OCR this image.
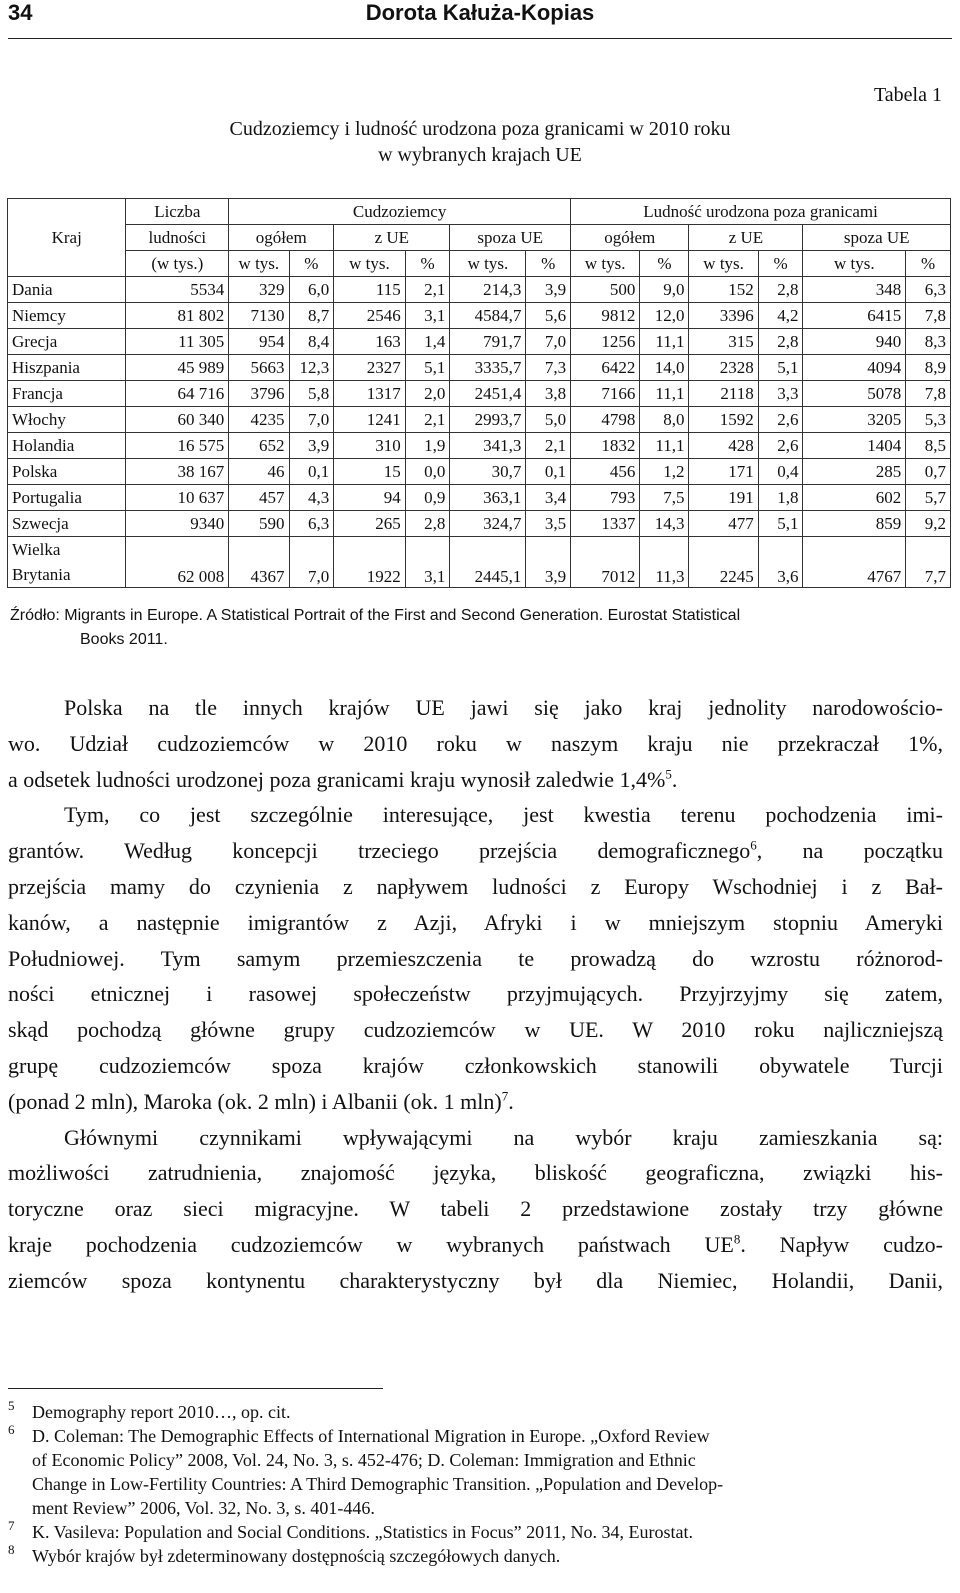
34	Dorota Kałuża-Kopias
Tabela 1
Cudzoziemcy i ludność urodzona poza granicami w 2010 roku
w wybranych krajach UE
Kraj	Liczba	Cudzoziemcy						Ludność urodzona poza granicami					
	ludności	ogółem		z UE		spoza UE		ogółem		z UE		spoza UE	
	(w tys.)	w tys.	%	w tys.	%	w tys.	%	w tys.	%	w tys.	%	w tys.	%
Dania	5534	329	6,0	115	2,1	214,3	3,9	500	9,0	152	2,8	348	6,3
Niemcy	81 802	7130	8,7	2546	3,1	4584,7	5,6	9812	12,0	3396	4,2	6415	7,8
Grecja	11 305	954	8,4	163	1,4	791,7	7,0	1256	11,1	315	2,8	940	8,3
Hiszpania	45 989	5663	12,3	2327	5,1	3335,7	7,3	6422	14,0	2328	5,1	4094	8,9
Francja	64 716	3796	5,8	1317	2,0	2451,4	3,8	7166	11,1	2118	3,3	5078	7,8
Włochy	60 340	4235	7,0	1241	2,1	2993,7	5,0	4798	8,0	1592	2,6	3205	5,3
Holandia	16 575	652	3,9	310	1,9	341,3	2,1	1832	11,1	428	2,6	1404	8,5
Polska	38 167	46	0,1	15	0,0	30,7	0,1	456	1,2	171	0,4	285	0,7
Portugalia	10 637	457	4,3	94	0,9	363,1	3,4	793	7,5	191	1,8	602	5,7
Szwecja	9340	590	6,3	265	2,8	324,7	3,5	1337	14,3	477	5,1	859	9,2
Wielka
Brytania	62 008	4367	7,0	1922	3,1	2445,1	3,9	7012	11,3	2245	3,6	4767	7,7
Źródło: Migrants in Europe. A Statistical Portrait of the First and Second Generation. Eurostat Statistical
Books 2011.
Polska na tle innych krajów UE jawi się jako kraj jednolity narodowościo-
wo. Udział cudzoziemców w 2010 roku w naszym kraju nie przekraczał 1%,
a odsetek ludności urodzonej poza granicami kraju wynosił zaledwie 1,4%$^5$.
Tym, co jest szczególnie interesujące, jest kwestia terenu pochodzenia imi-
grantów. Według koncepcji trzeciego przejścia demograficznego$^6$, na początku
przejścia mamy do czynienia z napływem ludności z Europy Wschodniej i z Bał-
kanów, a następnie imigrantów z Azji, Afryki i w mniejszym stopniu Ameryki
Południowej. Tym samym przemieszczenia te prowadzą do wzrostu różnorod-
ności etnicznej i rasowej społeczeństw przyjmujących. Przyjrzyjmy się zatem,
skąd pochodzą główne grupy cudzoziemców w UE. W 2010 roku najliczniejszą
grupę cudzoziemców spoza krajów członkowskich stanowili obywatele Turcji
(ponad 2 mln), Maroka (ok. 2 mln) i Albanii (ok. 1 mln)$^7$.
Głównymi czynnikami wpływającymi na wybór kraju zamieszkania są:
możliwości zatrudnienia, znajomość języka, bliskość geograficzna, związki his-
toryczne oraz sieci migracyjne. W tabeli 2 przedstawione zostały trzy główne
kraje pochodzenia cudzoziemców w wybranych państwach $UE^8$. Napływ cudzo-
ziemców spoza kontynentu charakterystyczny był dla Niemiec, Holandii, Danii,
5 Demography report 2010…, op. cit.
6 D. Coleman: The Demographic Effects of International Migration in Europe. „Oxford Review
of Economic Policy” 2008, Vol. 24, No. 3, s. 452-476; D. Coleman: Immigration and Ethnic
Change in Low-Fertility Countries: A Third Demographic Transition. „Population and Develop-
ment Review” 2006, Vol. 32, No. 3, s. 401-446.
7 K. Vasileva: Population and Social Conditions. „Statistics in Focus” 2011, No. 34, Eurostat.
8 Wybór krajów był zdeterminowany dostępnością szczegółowych danych.
